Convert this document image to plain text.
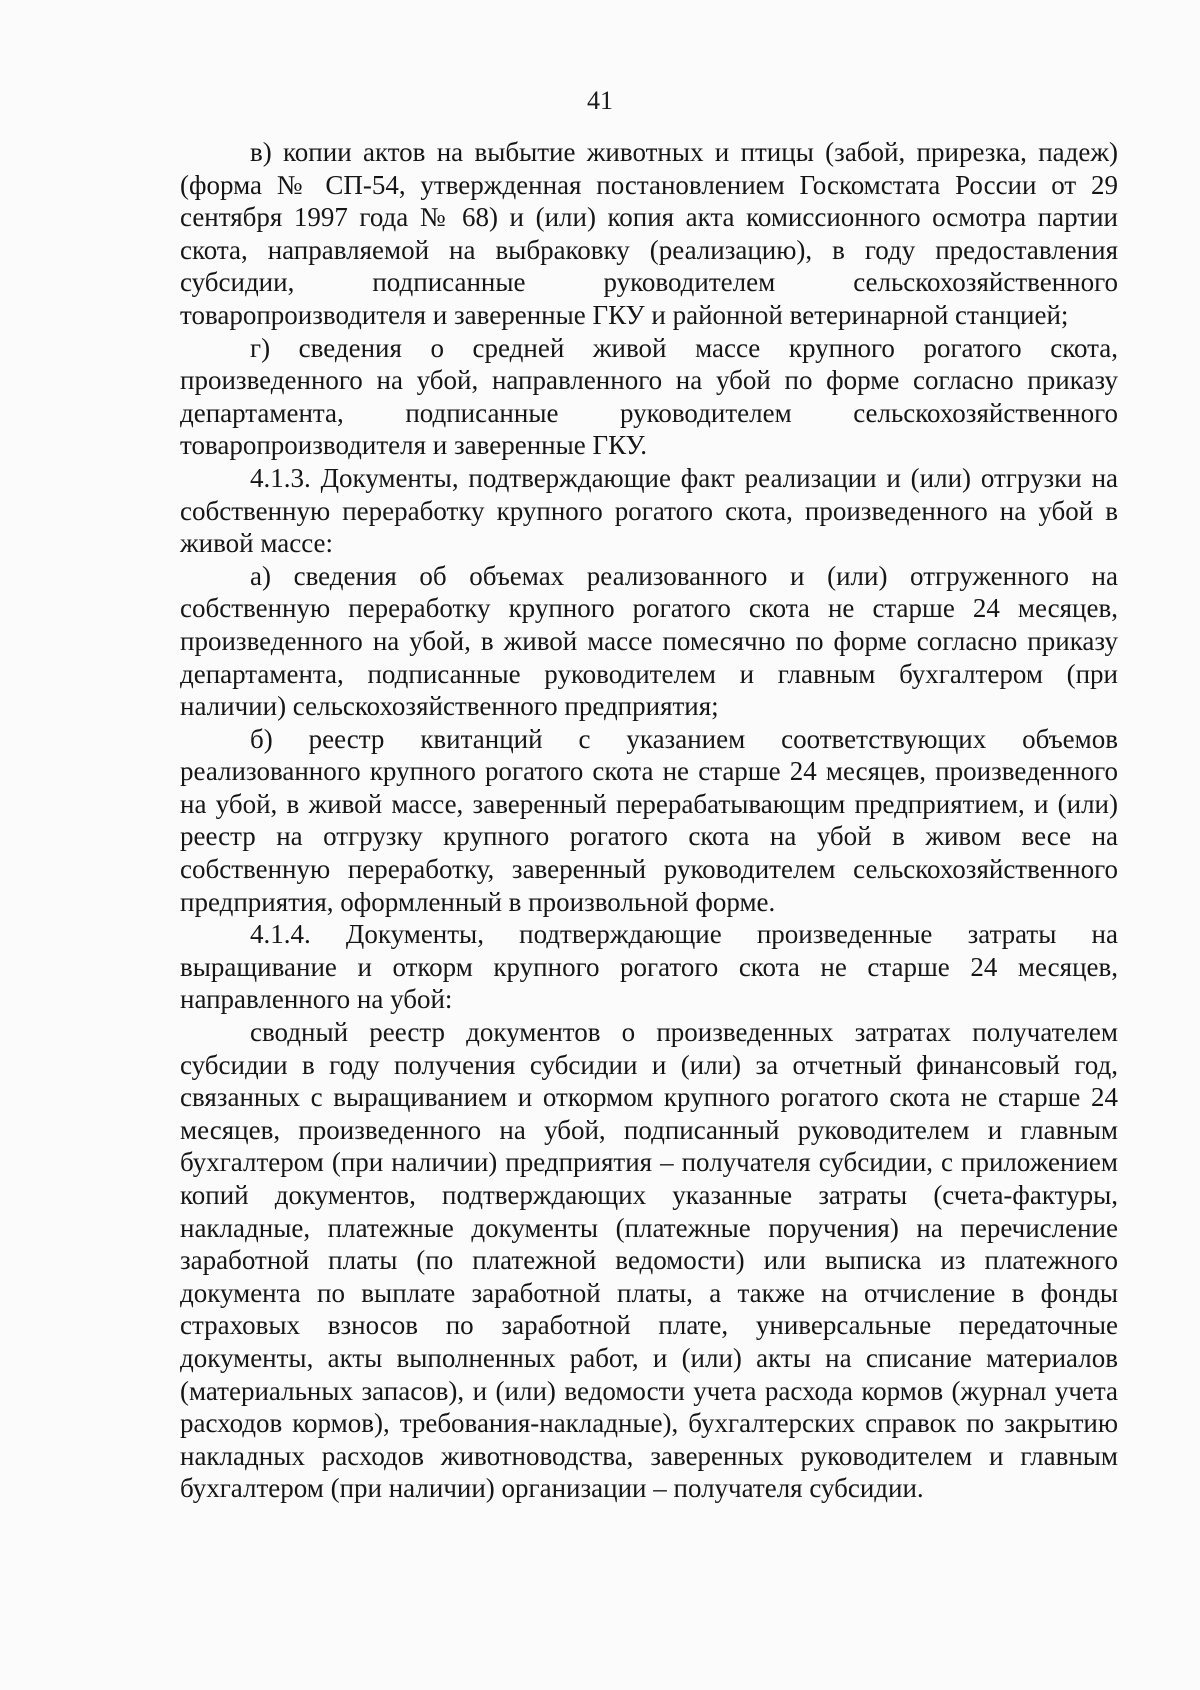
41

в) копии актов на выбытие животных и птицы (забой, прирезка, падеж) (форма № СП-54, утвержденная постановлением Госкомстата России от 29 сентября 1997 года № 68) и (или) копия акта комиссионного осмотра партии скота, направляемой на выбраковку (реализацию), в году предоставления субсидии, подписанные руководителем сельскохозяйственного товаропроизводителя и заверенные ГКУ и районной ветеринарной станцией;

г) сведения о средней живой массе крупного рогатого скота, произведенного на убой, направленного на убой по форме согласно приказу департамента, подписанные руководителем сельскохозяйственного товаропроизводителя и заверенные ГКУ.

4.1.3. Документы, подтверждающие факт реализации и (или) отгрузки на собственную переработку крупного рогатого скота, произведенного на убой в живой массе:

а) сведения об объемах реализованного и (или) отгруженного на собственную переработку крупного рогатого скота не старше 24 месяцев, произведенного на убой, в живой массе помесячно по форме согласно приказу департамента, подписанные руководителем и главным бухгалтером (при наличии) сельскохозяйственного предприятия;

б) реестр квитанций с указанием соответствующих объемов реализованного крупного рогатого скота не старше 24 месяцев, произведенного на убой, в живой массе, заверенный перерабатывающим предприятием, и (или) реестр на отгрузку крупного рогатого скота на убой в живом весе на собственную переработку, заверенный руководителем сельскохозяйственного предприятия, оформленный в произвольной форме.

4.1.4. Документы, подтверждающие произведенные затраты на выращивание и откорм крупного рогатого скота не старше 24 месяцев, направленного на убой:

сводный реестр документов о произведенных затратах получателем субсидии в году получения субсидии и (или) за отчетный финансовый год, связанных с выращиванием и откормом крупного рогатого скота не старше 24 месяцев, произведенного на убой, подписанный руководителем и главным бухгалтером (при наличии) предприятия – получателя субсидии, с приложением копий документов, подтверждающих указанные затраты (счета-фактуры, накладные, платежные документы (платежные поручения) на перечисление заработной платы (по платежной ведомости) или выписка из платежного документа по выплате заработной платы, а также на отчисление в фонды страховых взносов по заработной плате, универсальные передаточные документы, акты выполненных работ, и (или) акты на списание материалов (материальных запасов), и (или) ведомости учета расхода кормов (журнал учета расходов кормов), требования-накладные), бухгалтерских справок по закрытию накладных расходов животноводства, заверенных руководителем и главным бухгалтером (при наличии) организации – получателя субсидии.
